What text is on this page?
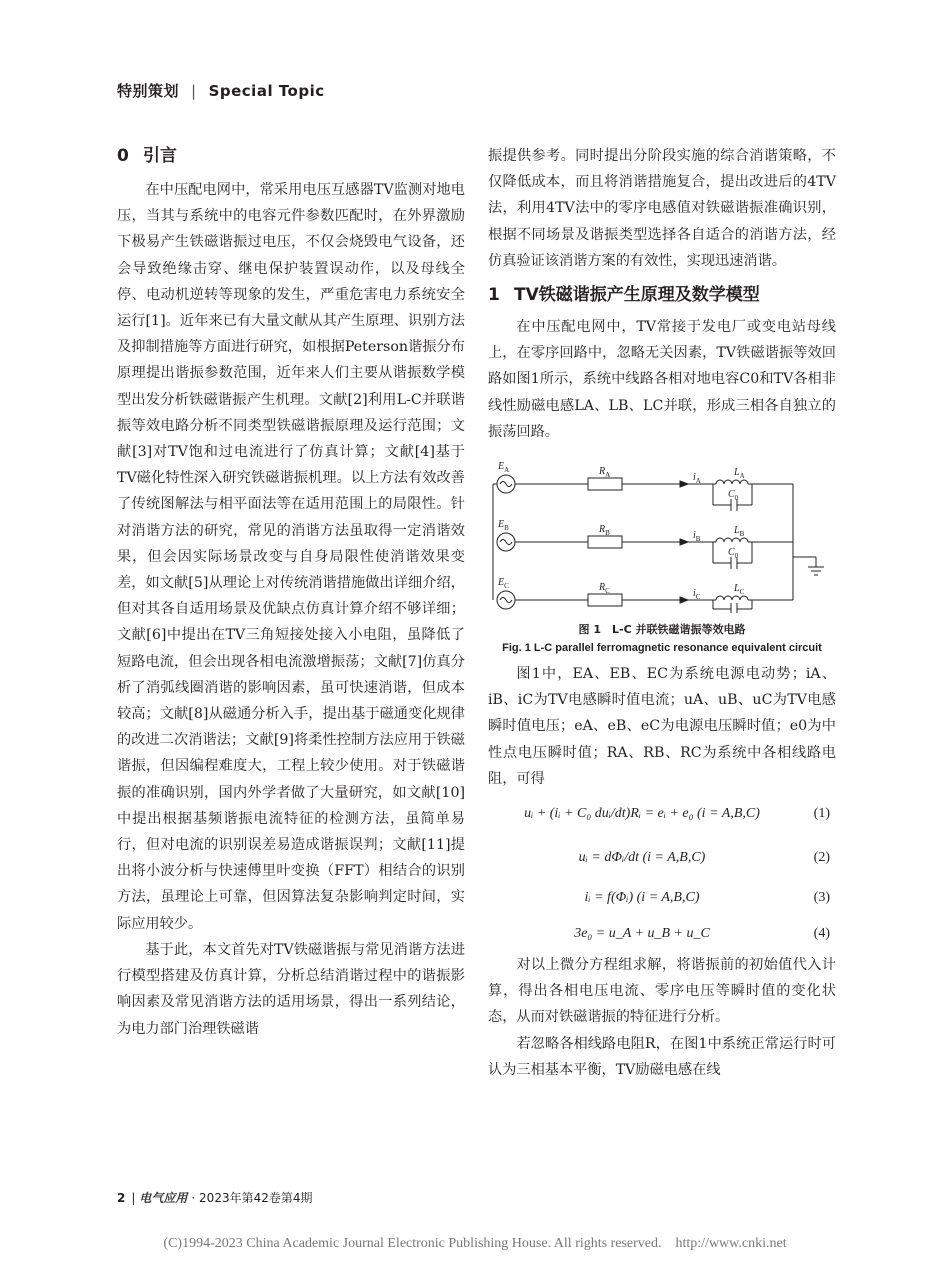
特别策划 | Special Topic
0 引言

在中压配电网中，常采用电压互感器TV监测对地电压，当其与系统中的电容元件参数匹配时，在外界激励下极易产生铁磁谐振过电压，不仅会烧毁电气设备，还会导致绝缘击穿、继电保护装置误动作，以及母线全停、电动机逆转等现象的发生，严重危害电力系统安全运行[1]。近年来已有大量文献从其产生原理、识别方法及抑制措施等方面进行研究，如根据Peterson谐振分布原理提出谐振参数范围，近年来人们主要从谐振数学模型出发分析铁磁谐振产生机理。文献[2]利用L-C并联谐振等效电路分析不同类型铁磁谐振原理及运行范围；文献[3]对TV饱和过电流进行了仿真计算；文献[4]基于TV磁化特性深入研究铁磁谐振机理。以上方法有效改善了传统图解法与相平面法等在适用范围上的局限性。针对消谐方法的研究，常见的消谐方法虽取得一定消谐效果，但会因实际场景改变与自身局限性使消谐效果变差，如文献[5]从理论上对传统消谐措施做出详细介绍，但对其各自适用场景及优缺点仿真计算介绍不够详细；文献[6]中提出在TV三角短接处接入小电阻，虽降低了短路电流，但会出现各相电流激增振荡；文献[7]仿真分析了消弧线圈消谐的影响因素，虽可快速消谐，但成本较高；文献[8]从磁通分析入手，提出基于磁通变化规律的改进二次消谐法；文献[9]将柔性控制方法应用于铁磁谐振，但因编程难度大，工程上较少使用。对于铁磁谐振的准确识别，国内外学者做了大量研究，如文献[10]中提出根据基频谐振电流特征的检测方法，虽简单易行，但对电流的识别误差易造成谐振误判；文献[11]提出将小波分析与快速傅里叶变换（FFT）相结合的识别方法，虽理论上可靠，但因算法复杂影响判定时间，实际应用较少。

基于此，本文首先对TV铁磁谐振与常见消谐方法进行模型搭建及仿真计算，分析总结消谐过程中的谐振影响因素及常见消谐方法的适用场景，得出一系列结论，为电力部门治理铁磁谐

振提供参考。同时提出分阶段实施的综合消谐策略，不仅降低成本，而且将消谐措施复合，提出改进后的4TV法，利用4TV法中的零序电感值对铁磁谐振准确识别，根据不同场景及谐振类型选择各自适合的消谐方法，经仿真验证该消谐方案的有效性，实现迅速消谐。

1 TV铁磁谐振产生原理及数学模型

在中压配电网中，TV常接于发电厂或变电站母线上，在零序回路中，忽略无关因素，TV铁磁谐振等效回路如图1所示，系统中线路各相对地电容C0和TV各相非线性励磁电感LA、LB、LC并联，形成三相各自独立的振荡回路。

$E_A$
$E_B$
$E_C$
$R_A$
$R_B$
$R_C$
$i_A$
$i_B$
$i_C$
$L_A$
$L_B$
$L_C$
$C_0$
$C_0$
图 1　L-C 并联铁磁谐振等效电路
Fig. 1 L-C parallel ferromagnetic resonance equivalent circuit

图1中，EA、EB、EC为系统电源电动势；iA、iB、iC为TV电感瞬时值电流；uA、uB、uC为TV电感瞬时值电压；eA、eB、eC为电源电压瞬时值；e0为中性点电压瞬时值；RA、RB、RC为系统中各相线路电阻，可得

uᵢ + (iᵢ + C₀ duᵢ/dt)Rᵢ = eᵢ + e₀ (i = A,B,C)	(1)
uᵢ = dΦᵢ/dt (i = A,B,C)	(2)
iᵢ = f(Φᵢ) (i = A,B,C)	(3)
3e₀ = u_A + u_B + u_C	(4)

对以上微分方程组求解，将谐振前的初始值代入计算，得出各相电压电流、零序电压等瞬时值的变化状态，从而对铁磁谐振的特征进行分析。

若忽略各相线路电阻R，在图1中系统正常运行时可认为三相基本平衡，TV励磁电感在线

2 | 电气应用 · 2023年第42卷第4期
(C)1994-2023 China Academic Journal Electronic Publishing House. All rights reserved. http://www.cnki.net
